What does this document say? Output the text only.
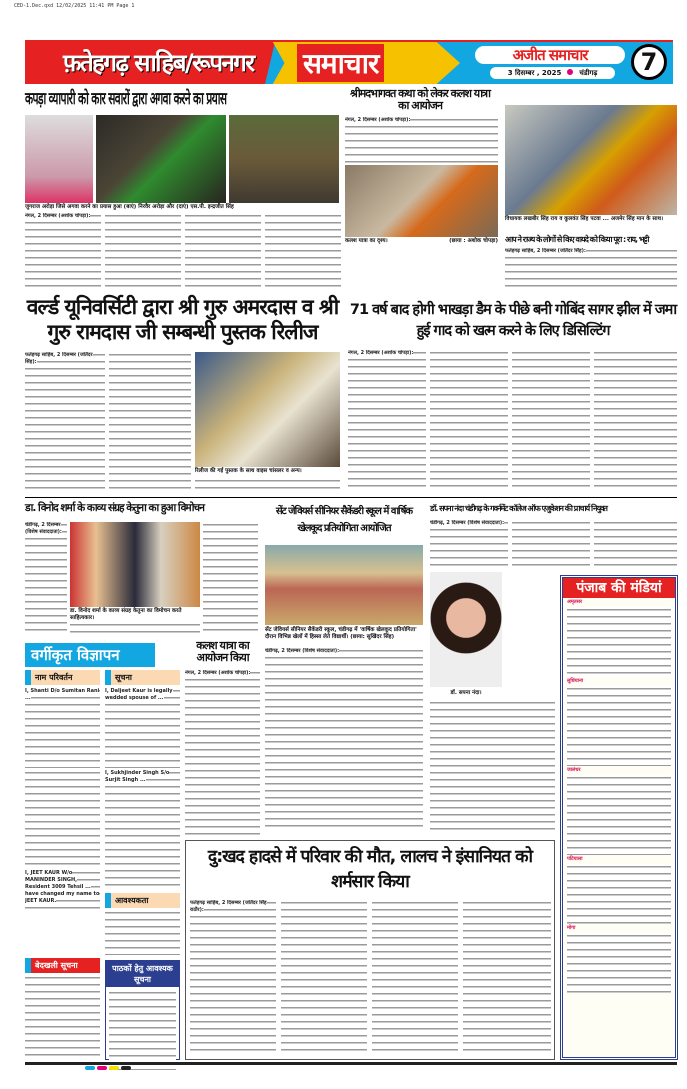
CED-1.Dec.qxd 12/02/2025 11:41 PM Page 1
फ़तेहगढ़ साहिब/रूपनगर समाचार	अजीत समाचार
3 दिसम्बर , 2025	चंडीगढ़	7
कपड़ा व्यापारी को कार सवारों द्वारा अगवा करने का प्रयास
जुगराज अरोड़ा जिसे अगवा करने का प्रयास हुआ (बाएं) निरवैर अरोड़ा और (दाएं) एस.पी. इन्द्रजीत सिंह
नंगल, 2 दिसम्बर (अशोक चोपड़ा):
श्रीमदभागवत कथा को लेकर कलश यात्रा का आयोजन
नंगल, 2 दिसम्बर (अशोक चोपड़ा):
कलश यात्रा का दृश्य।	(छाया : अशोक चोपड़ा)
विधायक लखबीर सिंह राय व कुलवंत सिंह पटवा ... अजमेर सिंह मान के साथ।
आप ने राज्य के लोगों से किए वायदे को किया पूरा : राय, भट्टी
फतेहगढ़ साहिब, 2 दिसम्बर (जतिंदर सिंह):
वर्ल्ड यूनिवर्सिटी द्वारा श्री गुरु अमरदास व श्री गुरु रामदास जी सम्बन्धी पुस्तक रिलीज
फतेहगढ़ साहिब, 2 दिसम्बर (जतिंदर सिंह):
रिलीज की गई पुस्तक के साथ वाइस चांसलर व अन्य।
71 वर्ष बाद होगी भाखड़ा डैम के पीछे बनी गोबिंद सागर झील में जमा हुई गाद को खत्म करने के लिए डिसिल्टिंग
नंगल, 2 दिसम्बर (अशोक चोपड़ा):
डा. विनोद शर्मा के काव्य संग्रह केतुना का हुआ विमोचन
चंडीगढ़, 2 दिसम्बर (विशेष संवाददाता):
डा. विनोद शर्मा के काव्य संग्रह केतुना का विमोचन करते साहित्यकार।
सेंट जेवियर्स सीनियर सैकेंडरी स्कूल में वार्षिक खेलकूद प्रतियोगिता आयोजित
सेंट जेवियर्स सीनियर सैकेंडरी स्कूल, चंडीगढ़ में 'वार्षिक खेलकूद प्रतियोगिता' दौरान विभिन्न खेलों में हिस्सा लेते विद्यार्थी। (छाया: सुखिंदर सिंह)
चंडीगढ़, 2 दिसम्बर (विशेष संवाददाता):
डॉ. सपना नंदा चंडीगढ़ के गवर्नमेंट कॉलेज ऑफ एजुकेशन की प्राचार्य नियुक्त
चंडीगढ़, 2 दिसम्बर (विशेष संवाददाता):
डॉ. सपना नंदा।
पंजाब की मंडियां

अमृतसर

लुधियाना

जालंधर

पटियाला

मोगा

वर्गीकृत विज्ञापन
नाम परिवर्तन	सूचना
I, Shanti D/o Sumitan Rani ...
I, JEET KAUR W/o MANINDER SINGH, Resident 3009 Tehsil ... have changed my name to JEET KAUR.
I, Daljeet Kaur is legally wedded spouse of ...
I, Sukhjinder Singh S/o Surjit Singh ...
आवश्यकता
बेदखली सूचना	पाठकों हेतु आवश्यक सूचना
कलश यात्रा का आयोजन किया
नंगल, 2 दिसम्बर (अशोक चोपड़ा):
दु:खद हादसे में परिवार की मौत, लालच ने इंसानियत को शर्मसार किया
फतेहगढ़ साहिब, 2 दिसम्बर (जतिंदर सिंह राठौर):
